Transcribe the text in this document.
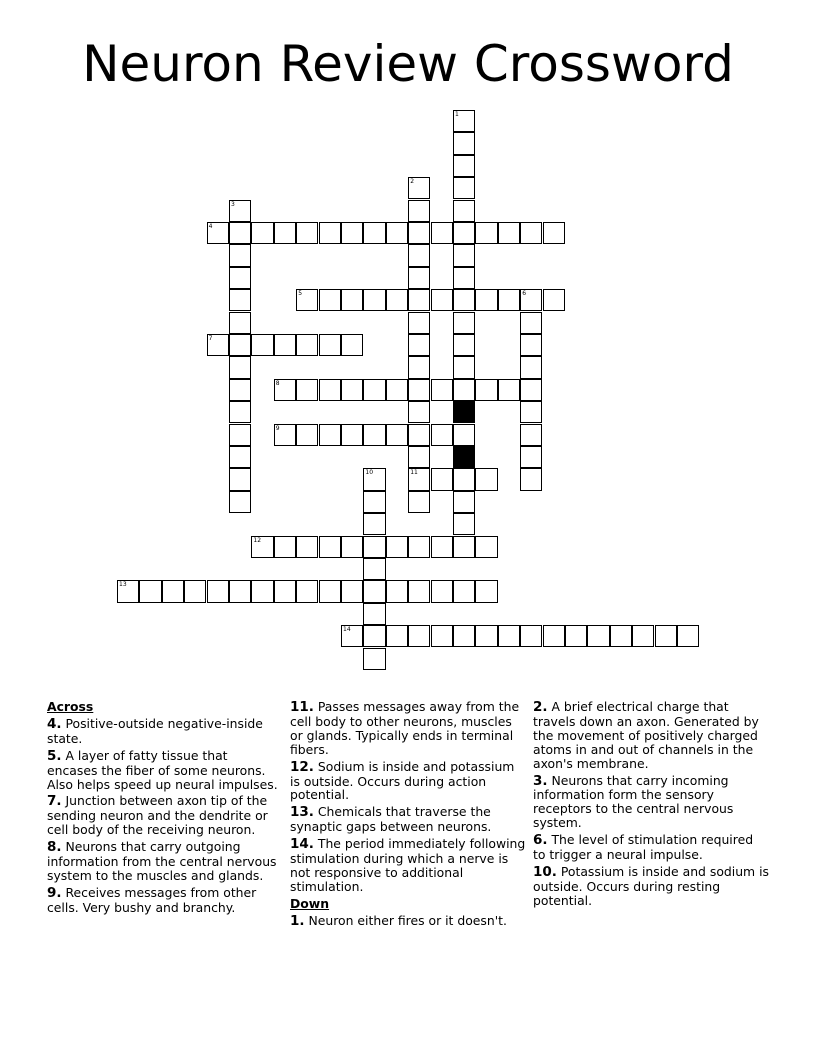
Neuron Review Crossword
1
2
11
3
4
5	6
7
8
9
10
12
13
14

Across

4. Positive-outside negative-inside state.

5. A layer of fatty tissue that encases the fiber of some neurons. Also helps speed up neural impulses.

7. Junction between axon tip of the sending neuron and the dendrite or cell body of the receiving neuron.

8. Neurons that carry outgoing information from the central nervous system to the muscles and glands.

9. Receives messages from other cells. Very bushy and branchy.

11. Passes messages away from the cell body to other neurons, muscles or glands. Typically ends in terminal fibers.

12. Sodium is inside and potassium is outside. Occurs during action potential.

13. Chemicals that traverse the synaptic gaps between neurons.

14. The period immediately following stimulation during which a nerve is not responsive to additional stimulation.

Down

1. Neuron either fires or it doesn't.

2. A brief electrical charge that travels down an axon. Generated by the movement of positively charged atoms in and out of channels in the axon's membrane.

3. Neurons that carry incoming information form the sensory receptors to the central nervous system.

6. The level of stimulation required to trigger a neural impulse.

10. Potassium is inside and sodium is outside. Occurs during resting potential.
